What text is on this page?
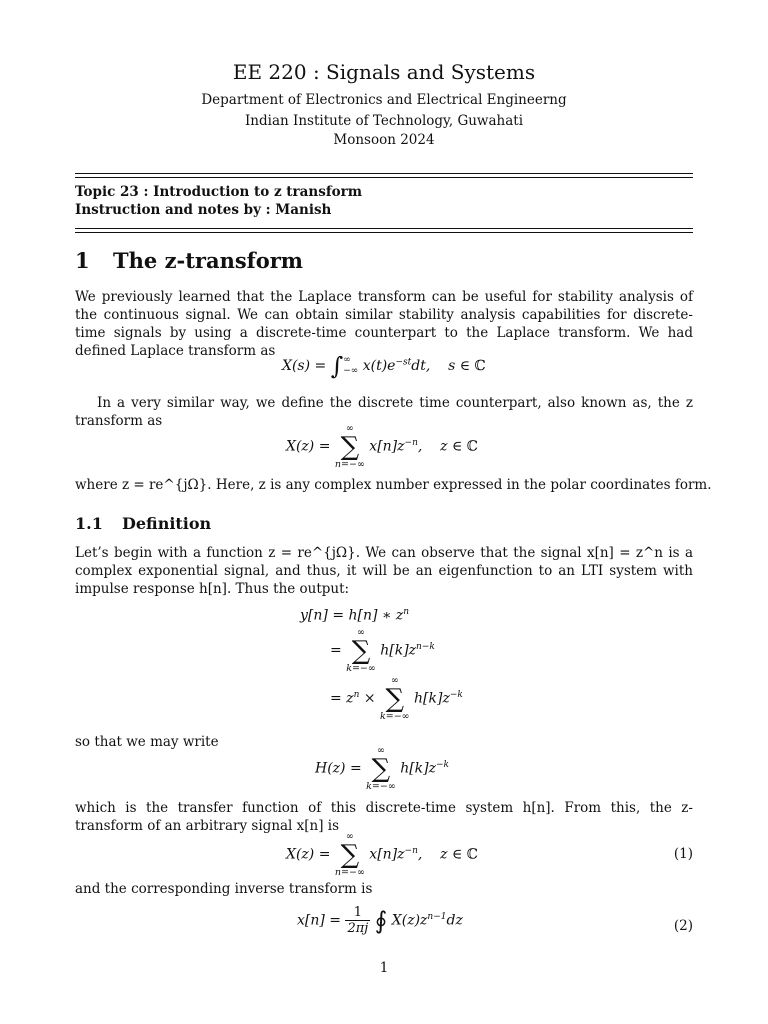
EE 220 : Signals and Systems
Department of Electronics and Electrical Engineerng
Indian Institute of Technology, Guwahati
Monsoon 2024
Topic 23 : Introduction to z transform
Instruction and notes by : Manish
1 The z-transform
We previously learned that the Laplace transform can be useful for stability analysis of the continuous signal. We can obtain similar stability analysis capabilities for discrete-time signals by using a discrete-time counterpart to the Laplace transform. We had defined Laplace transform as
X(s) = ∫ ∞
−∞ $x(t)e^{-st}dt$,    s ∈ ℂ
In a very similar way, we define the discrete time counterpart, also known as, the z transform as
X(z) =
∞
∑
n=−∞
$x[n]z^{-n}$,    z ∈ ℂ
where z = re^{jΩ}. Here, z is any complex number expressed in the polar coordinates form.
1.1 Definition
Let’s begin with a function z = re^{jΩ}. We can observe that the signal x[n] = z^n is a complex exponential signal, and thus, it will be an eigenfunction to an LTI system with impulse response h[n]. Thus the output:
y[n] = h[n] ∗ $z^n$
=
∞
∑
k=−∞
$h[k]z^{n-k}$
= $z^n$ ×
∞
∑
k=−∞
$h[k]z^{-k}$
so that we may write
H(z) =
∞
∑
k=−∞
$h[k]z^{-k}$
which is the transfer function of this discrete-time system h[n]. From this, the z-transform of an arbitrary signal x[n] is
X(z) =
∞
∑
n=−∞
$x[n]z^{-n}$,    z ∈ ℂ	(1)
and the corresponding inverse transform is
$x[n] = \frac{1}{2\pi j}$ ∮ $X(z)z^{n-1}dz$	(2)
1
